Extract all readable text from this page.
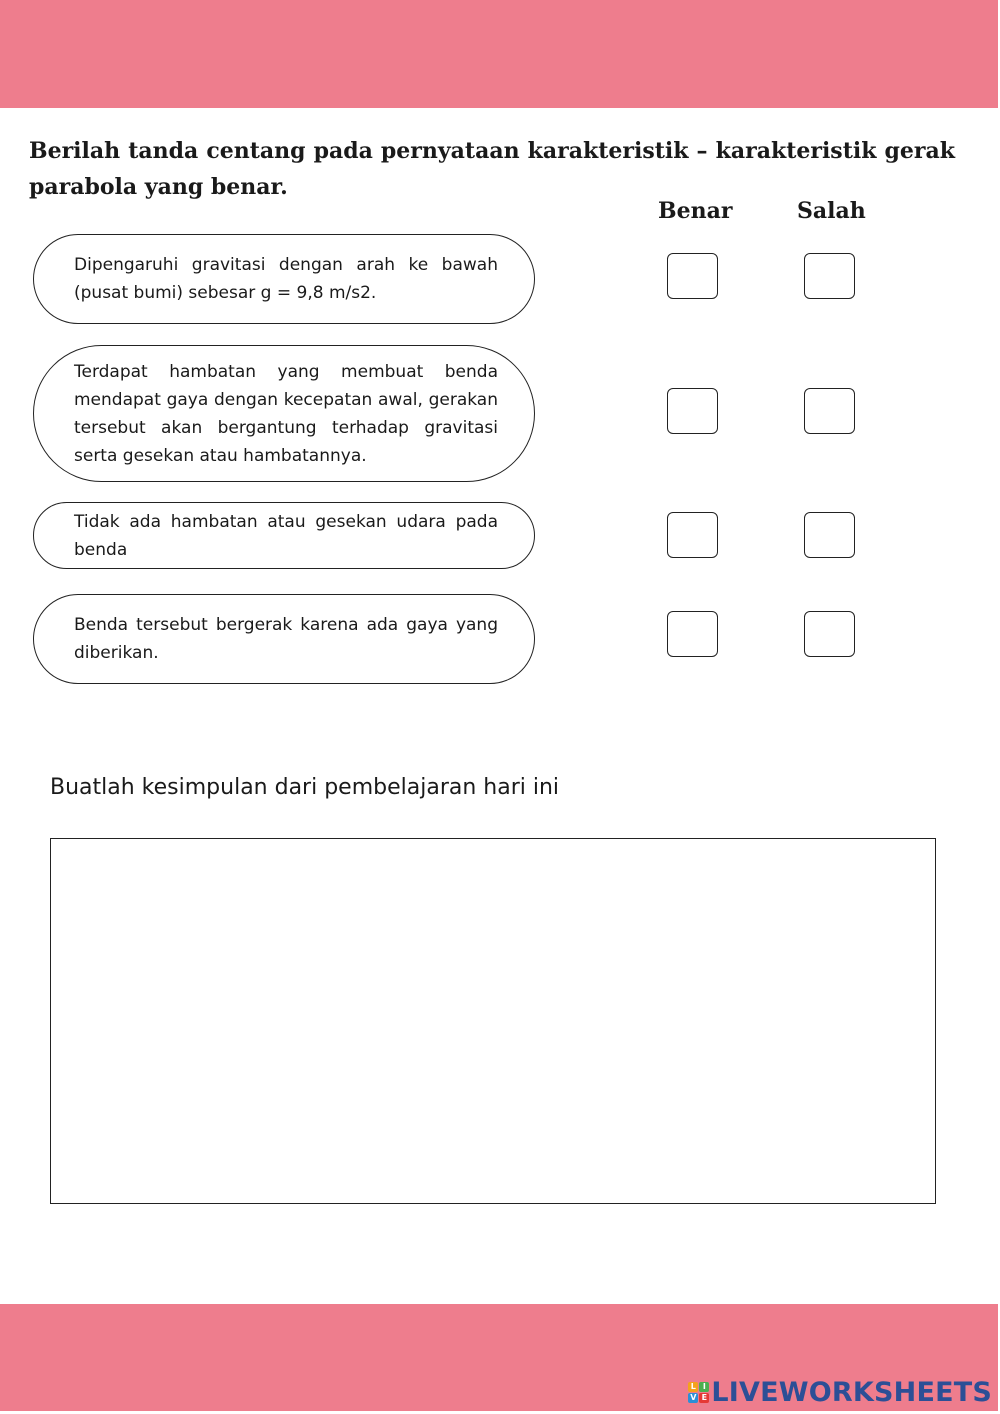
Berilah tanda centang pada pernyataan karakteristik – karakteristik gerak parabola yang benar.
Benar	Salah
Dipengaruhi gravitasi dengan arah ke bawah (pusat bumi) sebesar g = 9,8 m/s2.
Terdapat hambatan yang membuat benda mendapat gaya dengan kecepatan awal, gerakan tersebut akan bergantung terhadap gravitasi serta gesekan atau hambatannya.
Tidak ada hambatan atau gesekan udara pada benda
Benda tersebut bergerak karena ada gaya yang diberikan.
Buatlah kesimpulan dari pembelajaran hari ini
L I
V E LIVEWORKSHEETS
